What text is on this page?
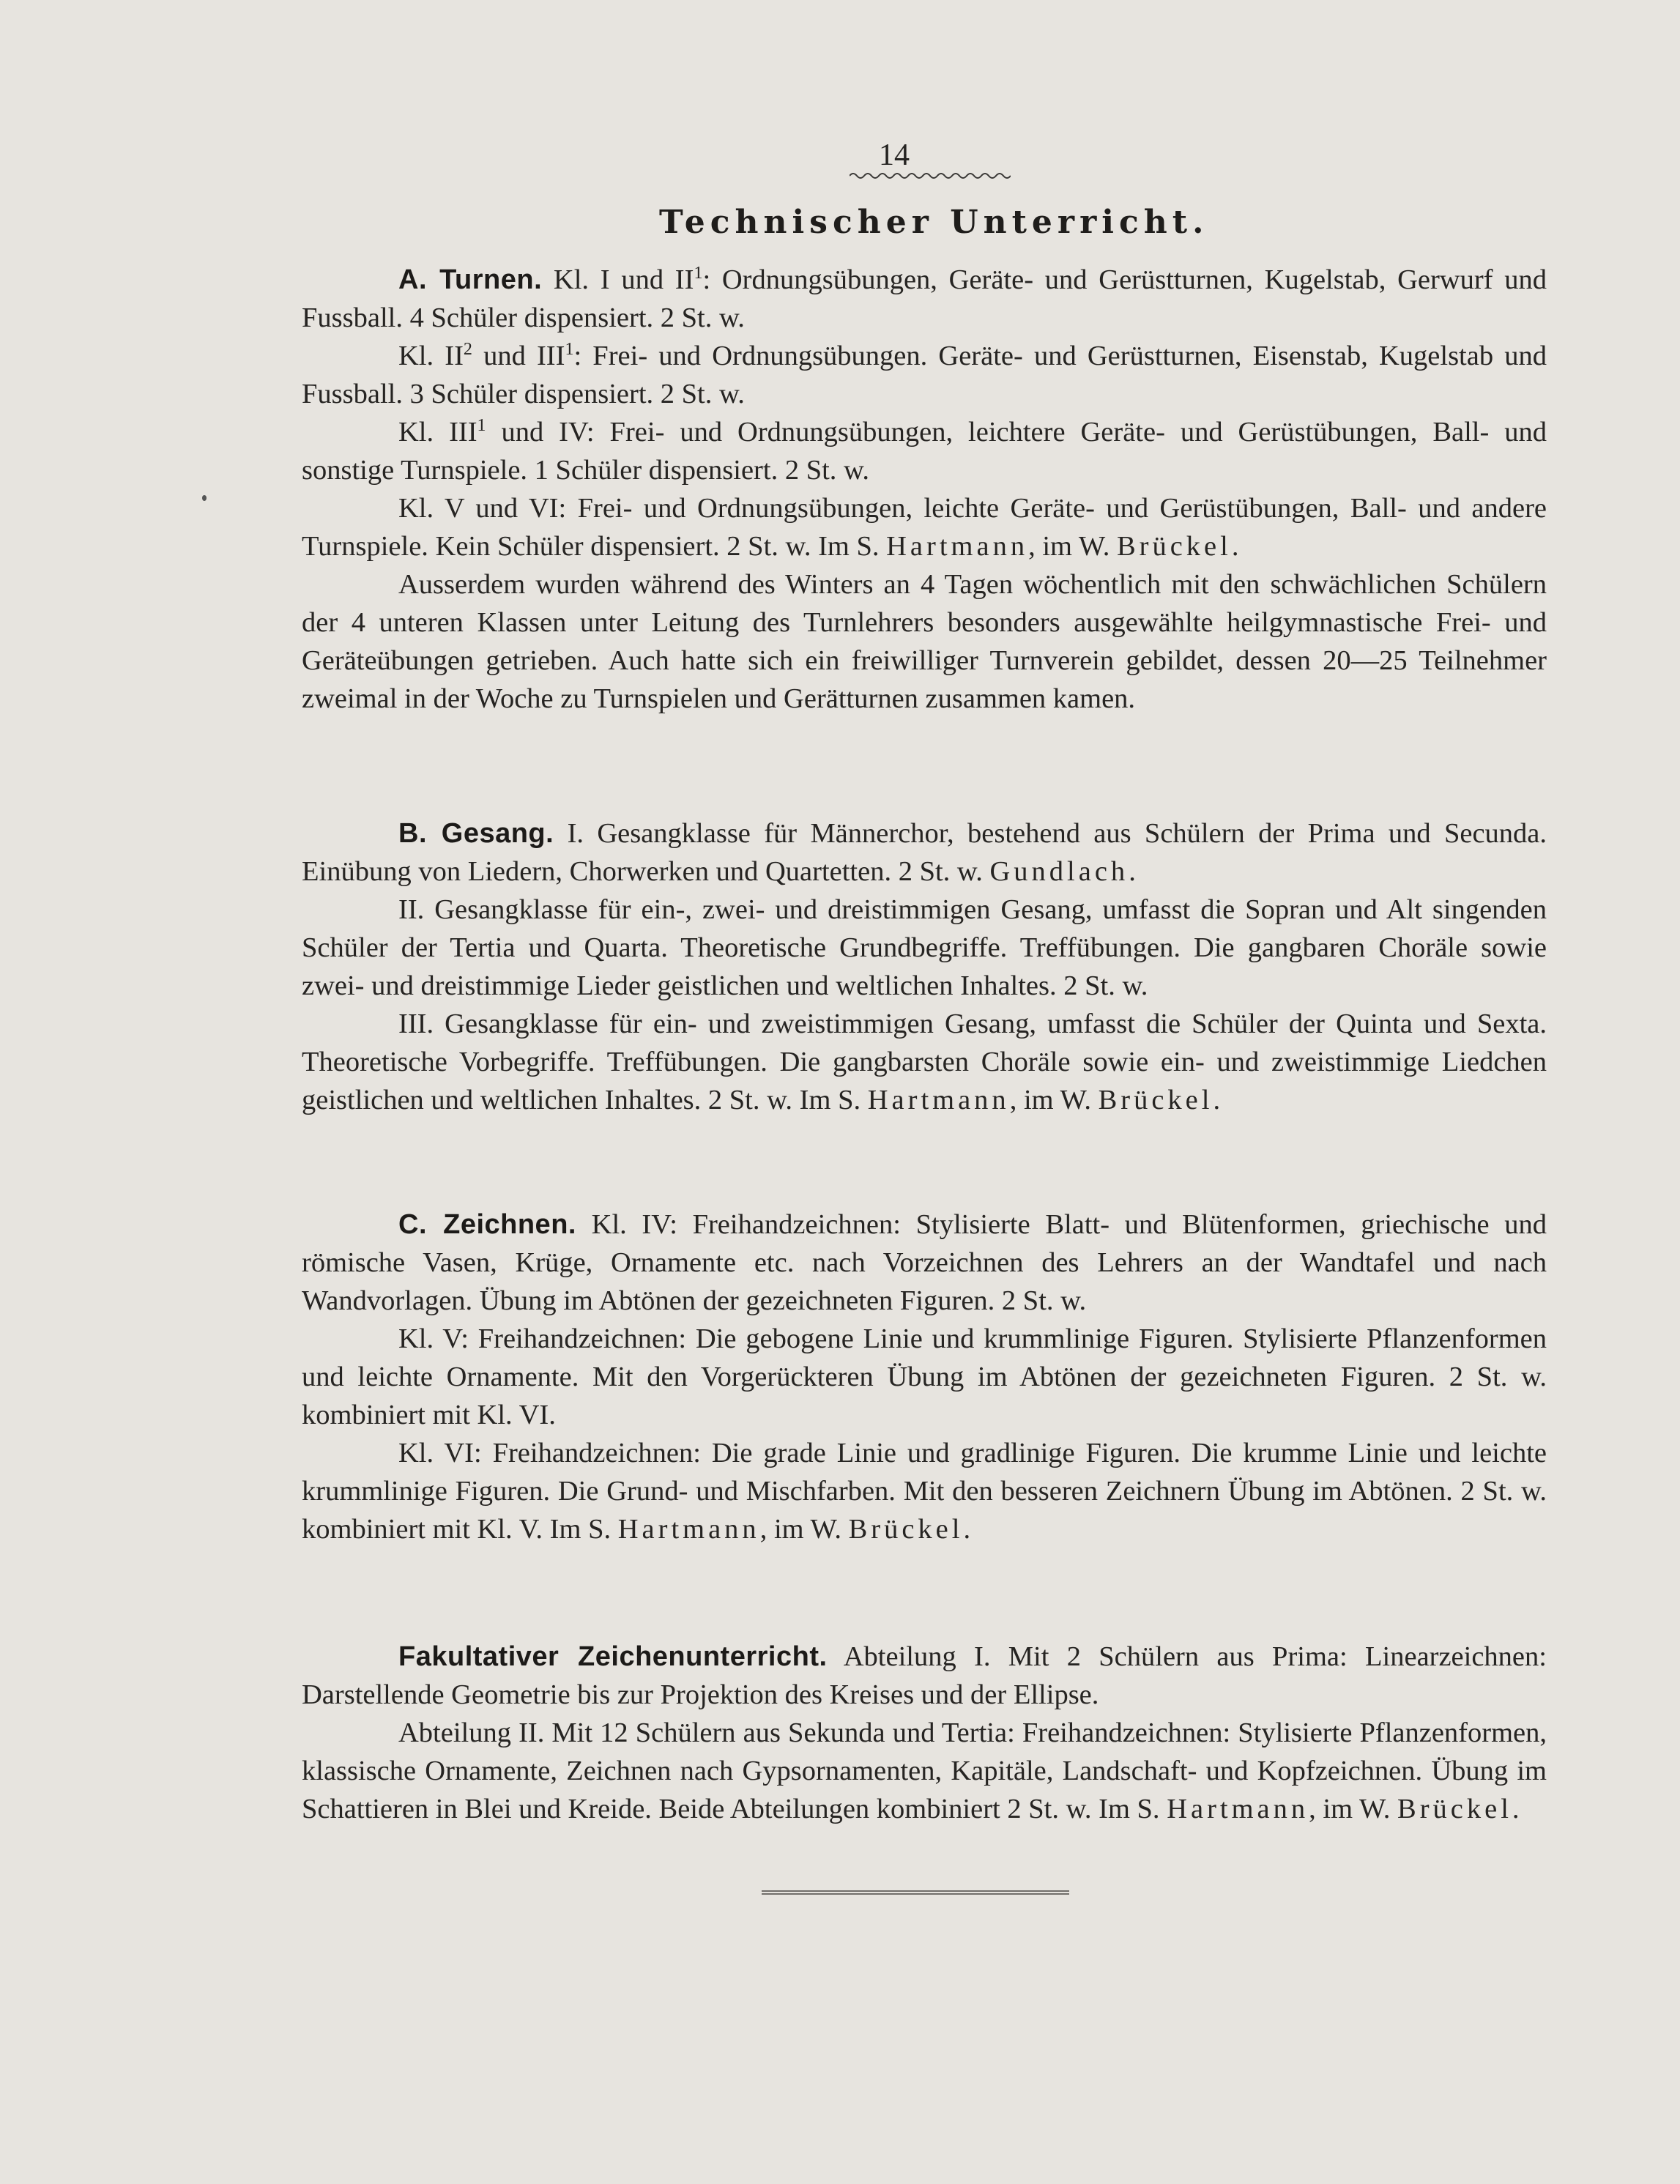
14
Technischer Unterricht.

A. Turnen. Kl. I und $II^1$: Ordnungsübungen, Geräte- und Gerüstturnen, Kugelstab, Gerwurf und Fussball. 4 Schüler dispensiert. 2 St. w.

Kl. $II^2$ und III$^1$: Frei- und Ordnungsübungen. Geräte- und Gerüstturnen, Eisenstab, Kugelstab und Fussball. 3 Schüler dispensiert. 2 St. w.

Kl. III$^1$ und IV: Frei- und Ordnungsübungen, leichtere Geräte- und Gerüstübungen, Ball- und sonstige Turnspiele. 1 Schüler dispensiert. 2 St. w.

Kl. V und VI: Frei- und Ordnungsübungen, leichte Geräte- und Gerüstübungen, Ball- und andere Turnspiele. Kein Schüler dispensiert. 2 St. w. Im S. Hartmann, im W. Brückel.

Ausserdem wurden während des Winters an 4 Tagen wöchentlich mit den schwächlichen Schülern der 4 unteren Klassen unter Leitung des Turnlehrers besonders ausgewählte heilgymnastische Frei- und Geräteübungen getrieben. Auch hatte sich ein freiwilliger Turnverein gebildet, dessen 20—25 Teilnehmer zweimal in der Woche zu Turnspielen und Gerätturnen zusammen kamen.

B. Gesang. I. Gesangklasse für Männerchor, bestehend aus Schülern der Prima und Secunda. Einübung von Liedern, Chorwerken und Quartetten. 2 St. w. Gundlach.

II. Gesangklasse für ein-, zwei- und dreistimmigen Gesang, umfasst die Sopran und Alt singenden Schüler der Tertia und Quarta. Theoretische Grundbegriffe. Treffübungen. Die gangbaren Choräle sowie zwei- und dreistimmige Lieder geistlichen und weltlichen Inhaltes. 2 St. w.

III. Gesangklasse für ein- und zweistimmigen Gesang, umfasst die Schüler der Quinta und Sexta. Theoretische Vorbegriffe. Treffübungen. Die gangbarsten Choräle sowie ein- und zweistimmige Liedchen geistlichen und weltlichen Inhaltes. 2 St. w. Im S. Hartmann, im W. Brückel.

C. Zeichnen. Kl. IV: Freihandzeichnen: Stylisierte Blatt- und Blütenformen, griechische und römische Vasen, Krüge, Ornamente etc. nach Vorzeichnen des Lehrers an der Wandtafel und nach Wandvorlagen. Übung im Abtönen der gezeichneten Figuren. 2 St. w.

Kl. V: Freihandzeichnen: Die gebogene Linie und krummlinige Figuren. Stylisierte Pflanzenformen und leichte Ornamente. Mit den Vorgerückteren Übung im Abtönen der gezeichneten Figuren. 2 St. w. kombiniert mit Kl. VI.

Kl. VI: Freihandzeichnen: Die grade Linie und gradlinige Figuren. Die krumme Linie und leichte krummlinige Figuren. Die Grund- und Mischfarben. Mit den besseren Zeichnern Übung im Abtönen. 2 St. w. kombiniert mit Kl. V. Im S. Hartmann, im W. Brückel.

Fakultativer Zeichenunterricht. Abteilung I. Mit 2 Schülern aus Prima: Linearzeichnen: Darstellende Geometrie bis zur Projektion des Kreises und der Ellipse.

Abteilung II. Mit 12 Schülern aus Sekunda und Tertia: Freihandzeichnen: Stylisierte Pflanzenformen, klassische Ornamente, Zeichnen nach Gypsornamenten, Kapitäle, Landschaft- und Kopfzeichnen. Übung im Schattieren in Blei und Kreide. Beide Abteilungen kombiniert 2 St. w. Im S. Hartmann, im W. Brückel.
